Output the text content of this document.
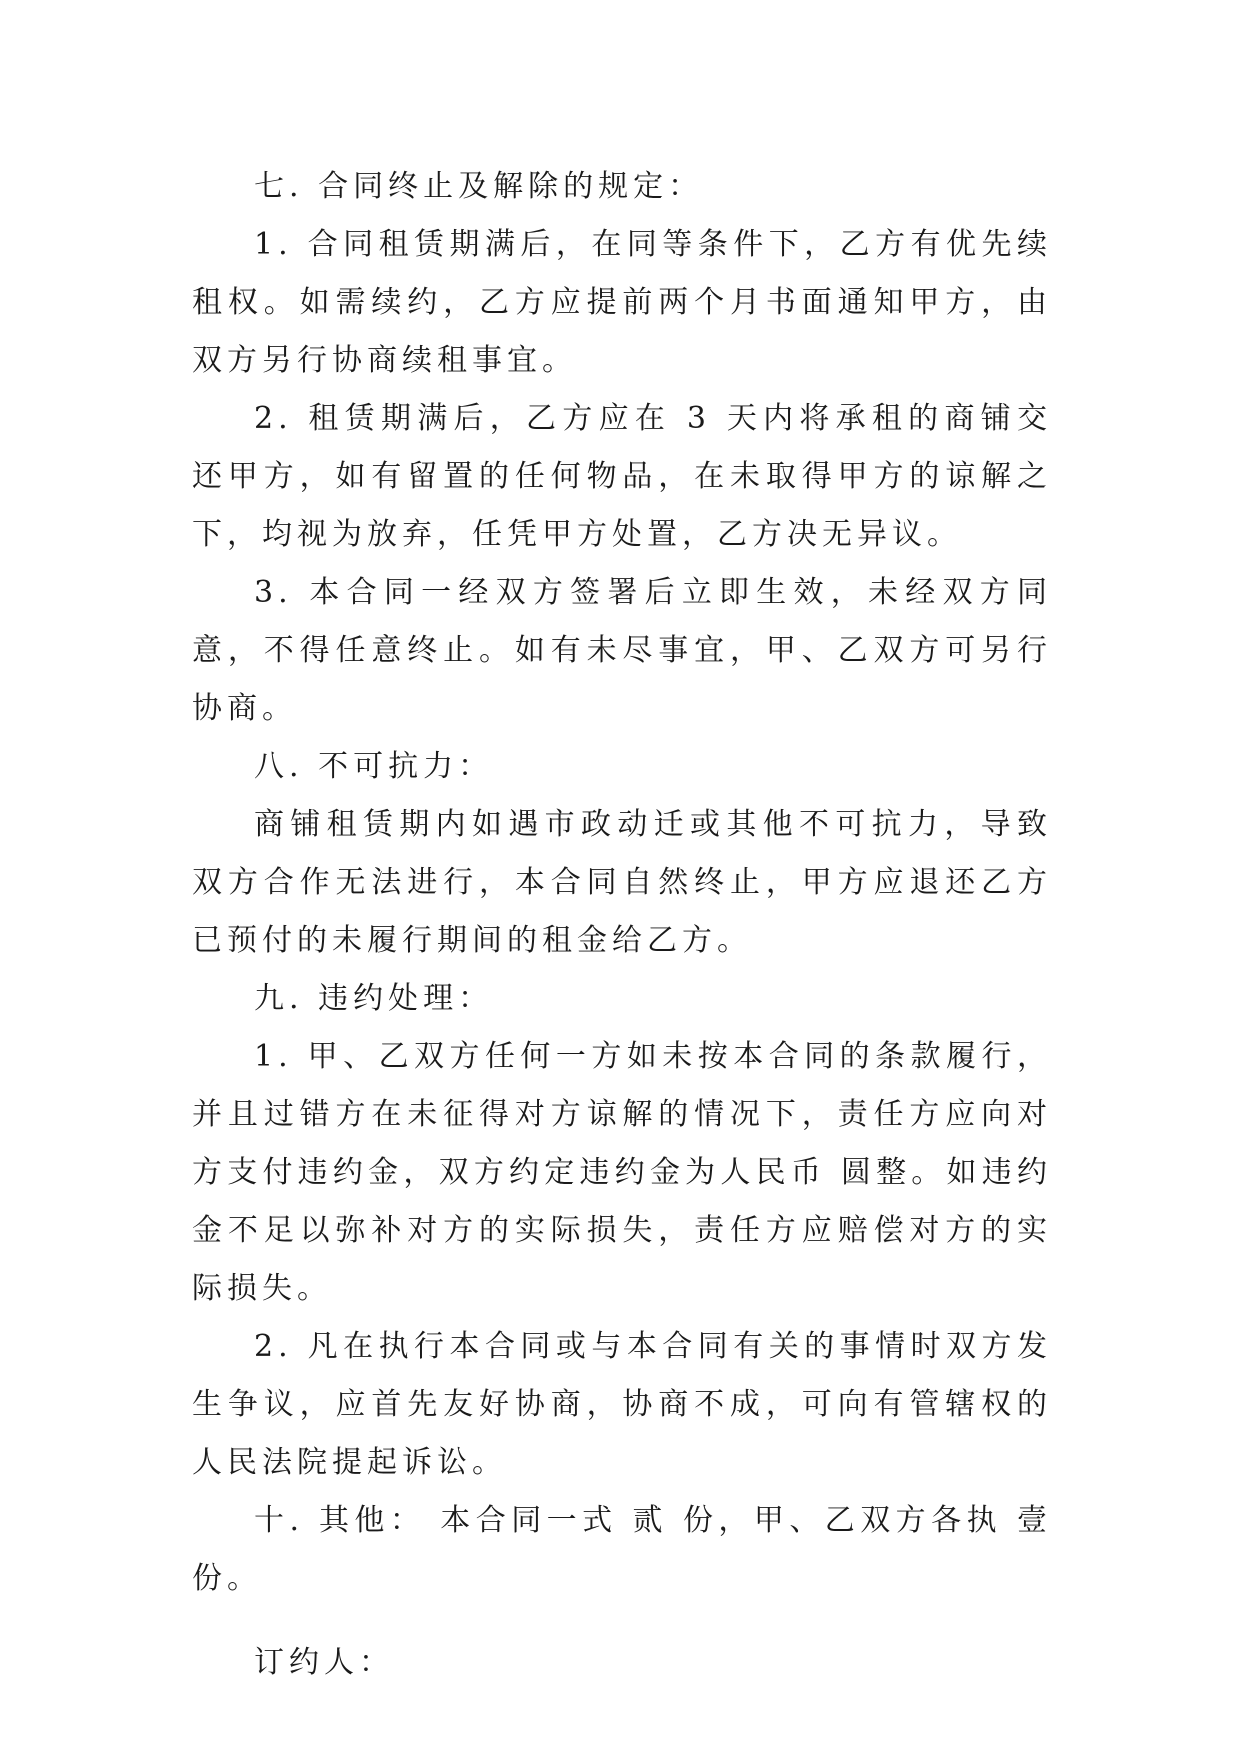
七. 合同终止及解除的规定：

1. 合同租赁期满后，在同等条件下，乙方有优先续租权。如需续约，乙方应提前两个月书面通知甲方，由双方另行协商续租事宜。

2. 租赁期满后，乙方应在 3 天内将承租的商铺交还甲方，如有留置的任何物品，在未取得甲方的谅解之下，均视为放弃，任凭甲方处置，乙方决无异议。

3. 本合同一经双方签署后立即生效，未经双方同意，不得任意终止。如有未尽事宜，甲、乙双方可另行协商。

八. 不可抗力：

商铺租赁期内如遇市政动迁或其他不可抗力，导致双方合作无法进行，本合同自然终止，甲方应退还乙方已预付的未履行期间的租金给乙方。

九. 违约处理：

1. 甲、乙双方任何一方如未按本合同的条款履行，并且过错方在未征得对方谅解的情况下，责任方应向对方支付违约金，双方约定违约金为人民币 圆整。如违约金不足以弥补对方的实际损失，责任方应赔偿对方的实际损失。

2. 凡在执行本合同或与本合同有关的事情时双方发生争议，应首先友好协商，协商不成，可向有管辖权的人民法院提起诉讼。

十. 其他： 本合同一式 贰 份，甲、乙双方各执 壹份。

订约人：
